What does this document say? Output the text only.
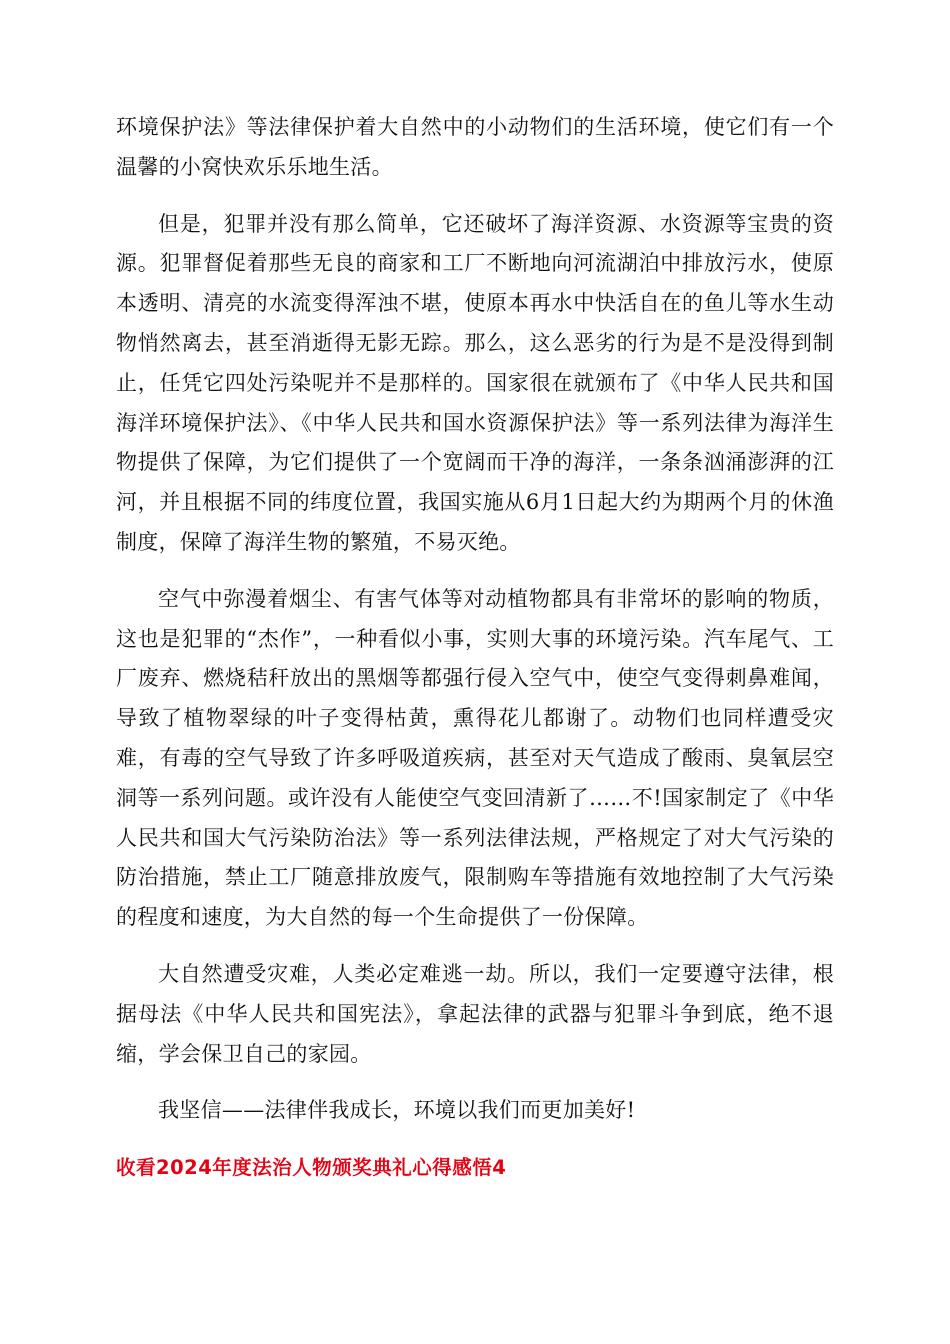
环境保护法》等法律保护着大自然中的小动物们的生活环境，使它们有一个温馨的小窝快欢乐乐地生活。

但是，犯罪并没有那么简单，它还破坏了海洋资源、水资源等宝贵的资源。犯罪督促着那些无良的商家和工厂不断地向河流湖泊中排放污水，使原本透明、清亮的水流变得浑浊不堪，使原本再水中快活自在的鱼儿等水生动物悄然离去，甚至消逝得无影无踪。那么，这么恶劣的行为是不是没得到制止，任凭它四处污染呢并不是那样的。国家很在就颁布了《中华人民共和国海洋环境保护法》、《中华人民共和国水资源保护法》等一系列法律为海洋生物提供了保障，为它们提供了一个宽阔而干净的海洋，一条条汹涌澎湃的江河，并且根据不同的纬度位置，我国实施从6月1日起大约为期两个月的休渔制度，保障了海洋生物的繁殖，不易灭绝。

空气中弥漫着烟尘、有害气体等对动植物都具有非常坏的影响的物质，这也是犯罪的“杰作”，一种看似小事，实则大事的环境污染。汽车尾气、工厂废弃、燃烧秸秆放出的黑烟等都强行侵入空气中，使空气变得刺鼻难闻，导致了植物翠绿的叶子变得枯黄，熏得花儿都谢了。动物们也同样遭受灾难，有毒的空气导致了许多呼吸道疾病，甚至对天气造成了酸雨、臭氧层空洞等一系列问题。或许没有人能使空气变回清新了……不!国家制定了《中华人民共和国大气污染防治法》等一系列法律法规，严格规定了对大气污染的防治措施，禁止工厂随意排放废气，限制购车等措施有效地控制了大气污染的程度和速度，为大自然的每一个生命提供了一份保障。

大自然遭受灾难，人类必定难逃一劫。所以，我们一定要遵守法律，根据母法《中华人民共和国宪法》，拿起法律的武器与犯罪斗争到底，绝不退缩，学会保卫自己的家园。

我坚信——法律伴我成长，环境以我们而更加美好!

收看2024年度法治人物颁奖典礼心得感悟4
